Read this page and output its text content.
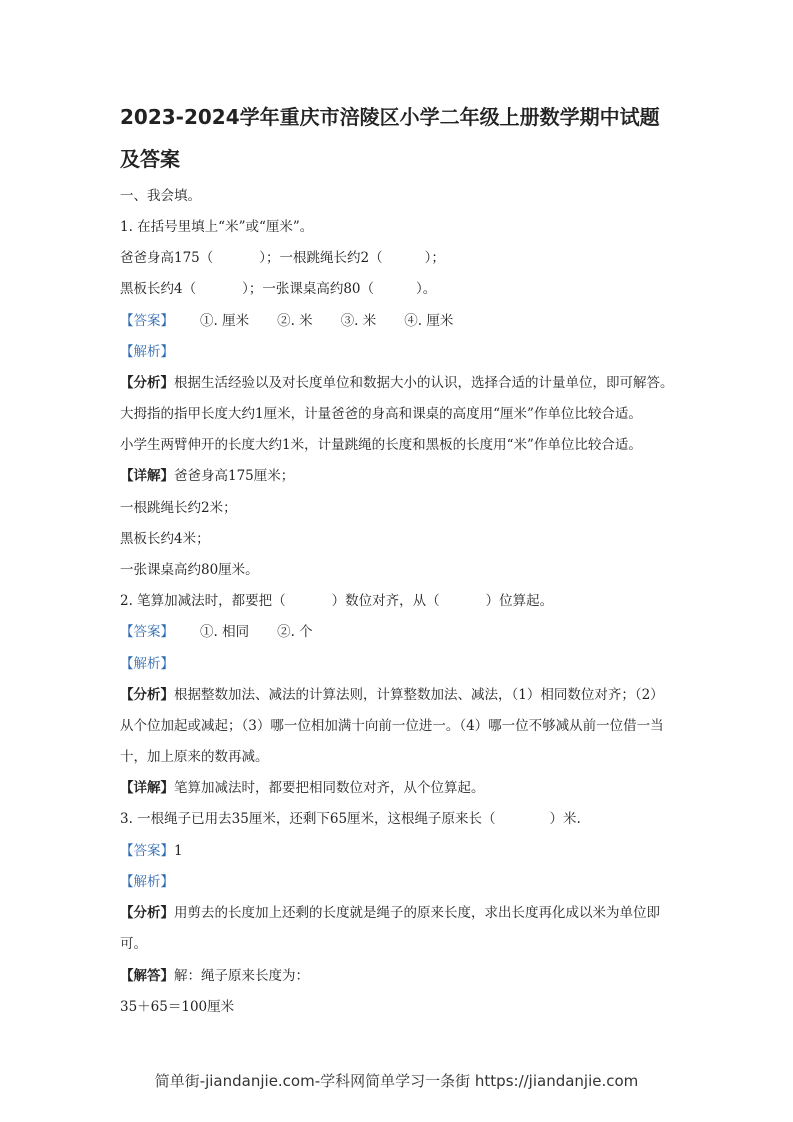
2023-2024学年重庆市涪陵区小学二年级上册数学期中试题
及答案
一、我会填。
1. 在括号里填上“米”或“厘米”。
爸爸身高175（	）；一根跳绳长约2（	）；
黑板长约4（	）；一张课桌高约80（	）。
【答案】 ①. 厘米 ②. 米 ③. 米 ④. 厘米
【解析】
【分析】根据生活经验以及对长度单位和数据大小的认识，选择合适的计量单位，即可解答。
大拇指的指甲长度大约1厘米，计量爸爸的身高和课桌的高度用“厘米”作单位比较合适。
小学生两臂伸开的长度大约1米，计量跳绳的长度和黑板的长度用“米”作单位比较合适。
【详解】爸爸身高175厘米；
一根跳绳长约2米；
黑板长约4米；
一张课桌高约80厘米。
2. 笔算加减法时，都要把（	）数位对齐，从（	）位算起。
【答案】 ①. 相同 ②. 个
【解析】
【分析】根据整数加法、减法的计算法则，计算整数加法、减法，（1）相同数位对齐；（2）
从个位加起或减起；（3）哪一位相加满十向前一位进一。（4）哪一位不够减从前一位借一当
十，加上原来的数再减。
【详解】笔算加减法时，都要把相同数位对齐，从个位算起。
3. 一根绳子已用去35厘米，还剩下65厘米，这根绳子原来长（	）米.
【答案】1
【解析】
【分析】用剪去的长度加上还剩的长度就是绳子的原来长度，求出长度再化成以米为单位即
可。
【解答】解：绳子原来长度为：
35＋65＝100厘米
简单街-jiandanjie.com-学科网简单学习一条街 https://jiandanjie.com
